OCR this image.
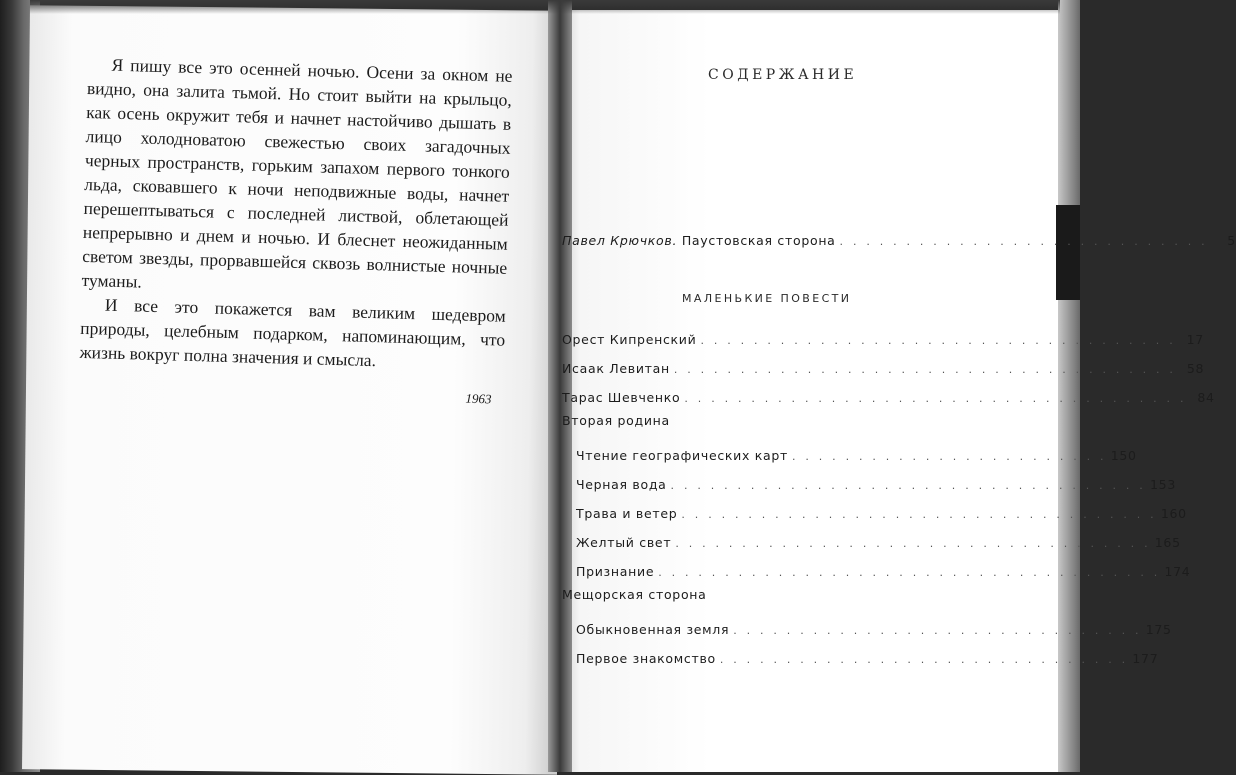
Я пишу все это осенней ночью. Осени за окном не видно, она залита тьмой. Но стоит выйти на крыльцо, как осень окружит тебя и начнет настойчиво дышать в лицо холодноватою свежестью своих загадочных черных пространств, горьким запахом первого тонкого льда, сковавшего к ночи неподвижные воды, начнет перешептываться с последней листвой, облетающей непрерывно и днем и ночью. И блеснет неожиданным светом звезды, прорвавшейся сквозь волнистые ночные туманы.

И все это покажется вам великим шедевром природы, целебным подарком, напоминающим, что жизнь вокруг полна значения и смысла.

1963

СОДЕРЖАНИЕ
Павел Крючков. Паустовская сторона . . . . . . . . . . . . . . . . . . . . . . . . . . . .	5
МАЛЕНЬКИЕ ПОВЕСТИ
Орест Кипренский . . . . . . . . . . . . . . . . . . . . . . . . . . . . . . . . . . . . 17
Исаак Левитан . . . . . . . . . . . . . . . . . . . . . . . . . . . . . . . . . . . . . . 58
Тарас Шевченко . . . . . . . . . . . . . . . . . . . . . . . . . . . . . . . . . . . . . . 84
Вторая родина
Чтение географических карт . . . . . . . . . . . . . . . . . . . . . . . . 150
Черная вода . . . . . . . . . . . . . . . . . . . . . . . . . . . . . . . . . . . . 153
Трава и ветер . . . . . . . . . . . . . . . . . . . . . . . . . . . . . . . . . . . . 160
Желтый свет . . . . . . . . . . . . . . . . . . . . . . . . . . . . . . . . . . . . 165
Признание . . . . . . . . . . . . . . . . . . . . . . . . . . . . . . . . . . . . . . 174
Мещорская сторона
Обыкновенная земля . . . . . . . . . . . . . . . . . . . . . . . . . . . . . . . 175
Первое знакомство . . . . . . . . . . . . . . . . . . . . . . . . . . . . . . . 177
